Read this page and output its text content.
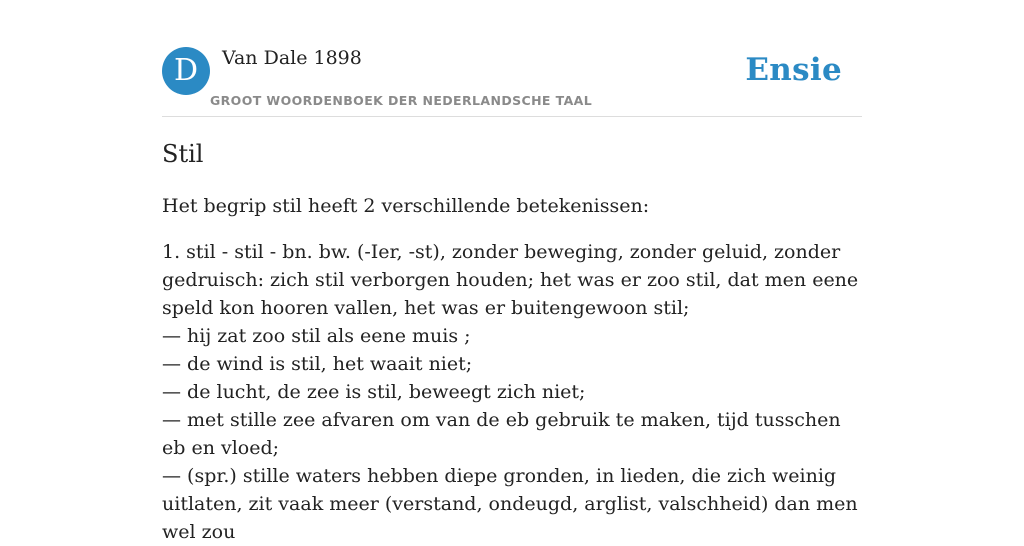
D	Van Dale 1898
GROOT WOORDENBOEK DER NEDERLANDSCHE TAAL
Ensie
Stil

Het begrip stil heeft 2 verschillende betekenissen:

1. stil - stil - bn. bw. (-Ier, -st), zonder beweging, zonder geluid, zonder gedruisch: zich stil verborgen houden; het was er zoo stil, dat men eene speld kon hooren vallen, het was er buitengewoon stil;
— hij zat zoo stil als eene muis ;
— de wind is stil, het waait niet;
— de lucht, de zee is stil, beweegt zich niet;
— met stille zee afvaren om van de eb gebruik te maken, tijd tusschen eb en vloed;
— (spr.) stille waters hebben diepe gronden, in lieden, die zich weinig uitlaten, zit vaak meer (verstand, ondeugd, arglist, valschheid) dan men wel zou
